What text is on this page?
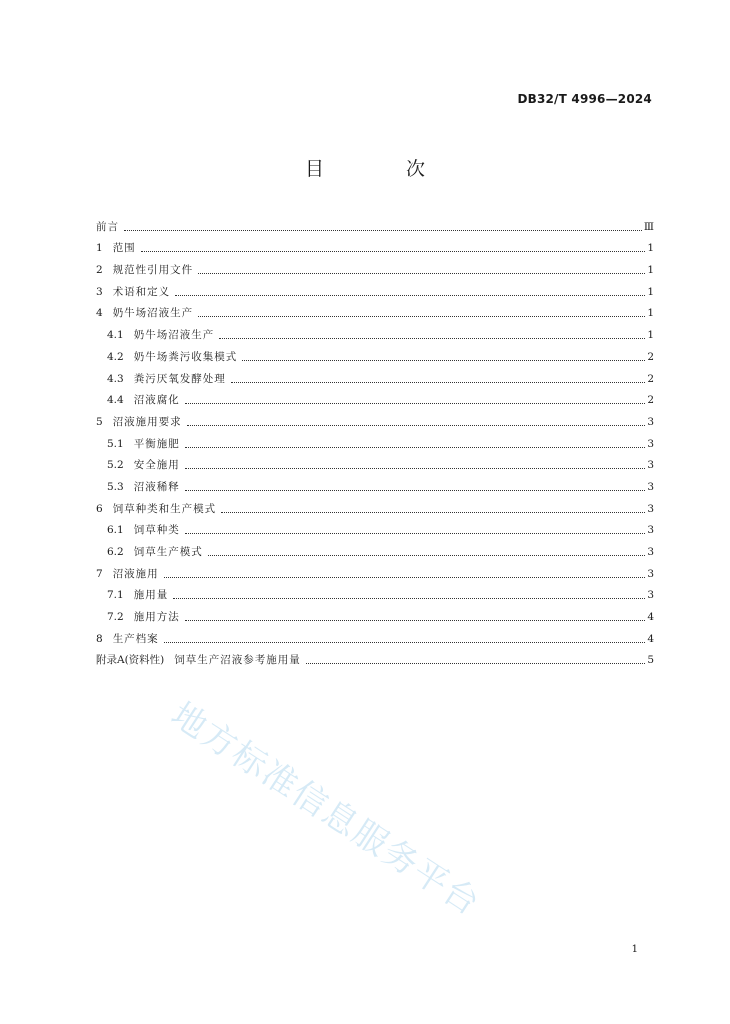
DB32/T 4996—2024
目 次
前言	Ⅲ
1 范围	1
2 规范性引用文件	1
3 术语和定义	1
4 奶牛场沼液生产	1
4.1 奶牛场沼液生产	1
4.2 奶牛场粪污收集模式	2
4.3 粪污厌氧发酵处理	2
4.4 沼液腐化	2
5 沼液施用要求	3
5.1 平衡施肥	3
5.2 安全施用	3
5.3 沼液稀释	3
6 饲草种类和生产模式	3
6.1 饲草种类	3
6.2 饲草生产模式	3
7 沼液施用	3
7.1 施用量	3
7.2 施用方法	4
8 生产档案	4
附录A(资料性) 饲草生产沼液参考施用量	5
地方标准信息服务平台
1
